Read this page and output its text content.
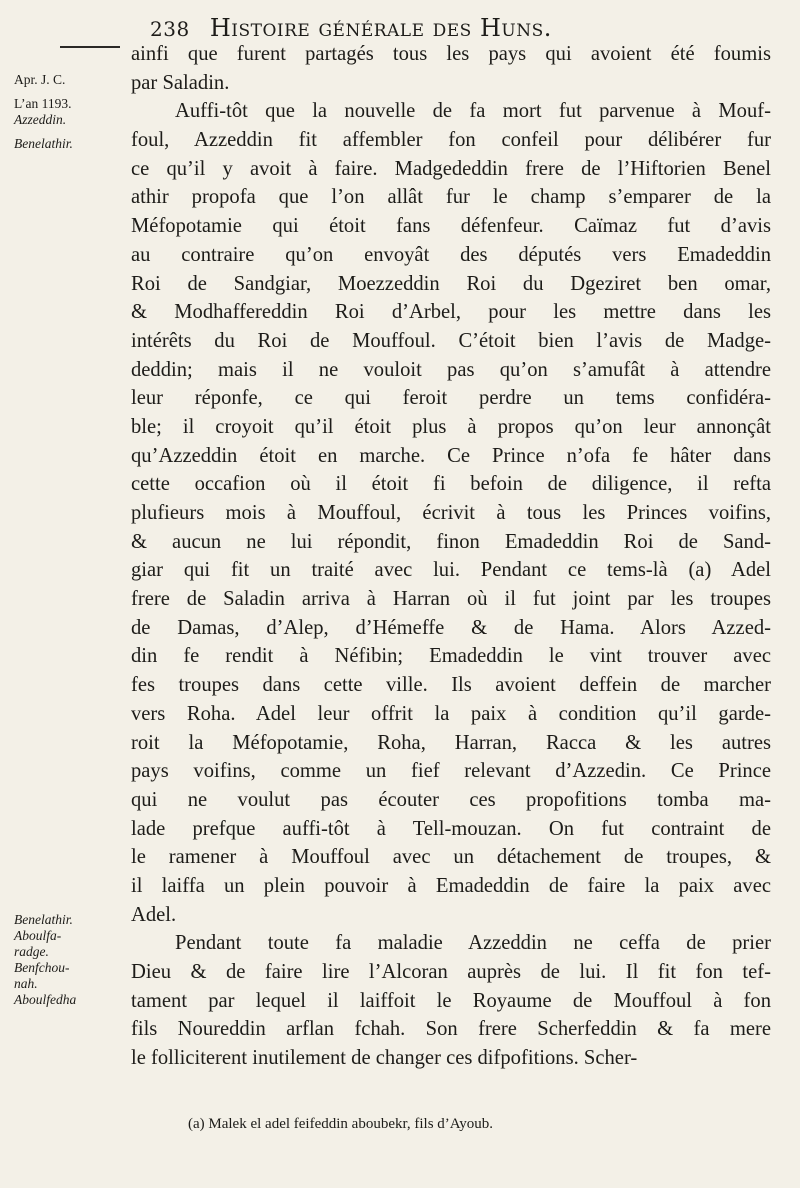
238 Histoire générale des Huns.
Apr. J. C.
L’an 1193.
Azzeddin.
Benelathir.
Benelathir.
Aboulfa-
radge.
Benfchou-
nah.
Aboulfedha
ainfi que furent partagés tous les pays qui avoient été foumis
par Saladin.
Auffi-tôt que la nouvelle de fa mort fut parvenue à Mouf-
foul, Azzeddin fit affembler fon confeil pour délibérer fur
ce qu’il y avoit à faire. Madgededdin frere de l’Hiftorien Benel
athir propofa que l’on allât fur le champ s’emparer de la
Méfopotamie qui étoit fans défenfeur. Caïmaz fut d’avis
au contraire qu’on envoyât des députés vers Emadeddin
Roi de Sandgiar, Moezzeddin Roi du Dgeziret ben omar,
& Modhaffereddin Roi d’Arbel, pour les mettre dans les
intérêts du Roi de Mouffoul. C’étoit bien l’avis de Madge-
deddin; mais il ne vouloit pas qu’on s’amufât à attendre
leur réponfe, ce qui feroit perdre un tems confidéra-
ble; il croyoit qu’il étoit plus à propos qu’on leur annonçât
qu’Azzeddin étoit en marche. Ce Prince n’ofa fe hâter dans
cette occafion où il étoit fi befoin de diligence, il refta
plufieurs mois à Mouffoul, écrivit à tous les Princes voifins,
& aucun ne lui répondit, finon Emadeddin Roi de Sand-
giar qui fit un traité avec lui. Pendant ce tems-là (a) Adel
frere de Saladin arriva à Harran où il fut joint par les troupes
de Damas, d’Alep, d’Hémeffe & de Hama. Alors Azzed-
din fe rendit à Néfibin; Emadeddin le vint trouver avec
fes troupes dans cette ville. Ils avoient deffein de marcher
vers Roha. Adel leur offrit la paix à condition qu’il garde-
roit la Méfopotamie, Roha, Harran, Racca & les autres
pays voifins, comme un fief relevant d’Azzedin. Ce Prince
qui ne voulut pas écouter ces propofitions tomba ma-
lade prefque auffi-tôt à Tell-mouzan. On fut contraint de
le ramener à Mouffoul avec un détachement de troupes, &
il laiffa un plein pouvoir à Emadeddin de faire la paix avec
Adel.
Pendant toute fa maladie Azzeddin ne ceffa de prier
Dieu & de faire lire l’Alcoran auprès de lui. Il fit fon tef-
tament par lequel il laiffoit le Royaume de Mouffoul à fon
fils Noureddin arflan fchah. Son frere Scherfeddin & fa mere
le folliciterent inutilement de changer ces difpofitions. Scher-
(a) Malek el adel feifeddin aboubekr, fils d’Ayoub.
